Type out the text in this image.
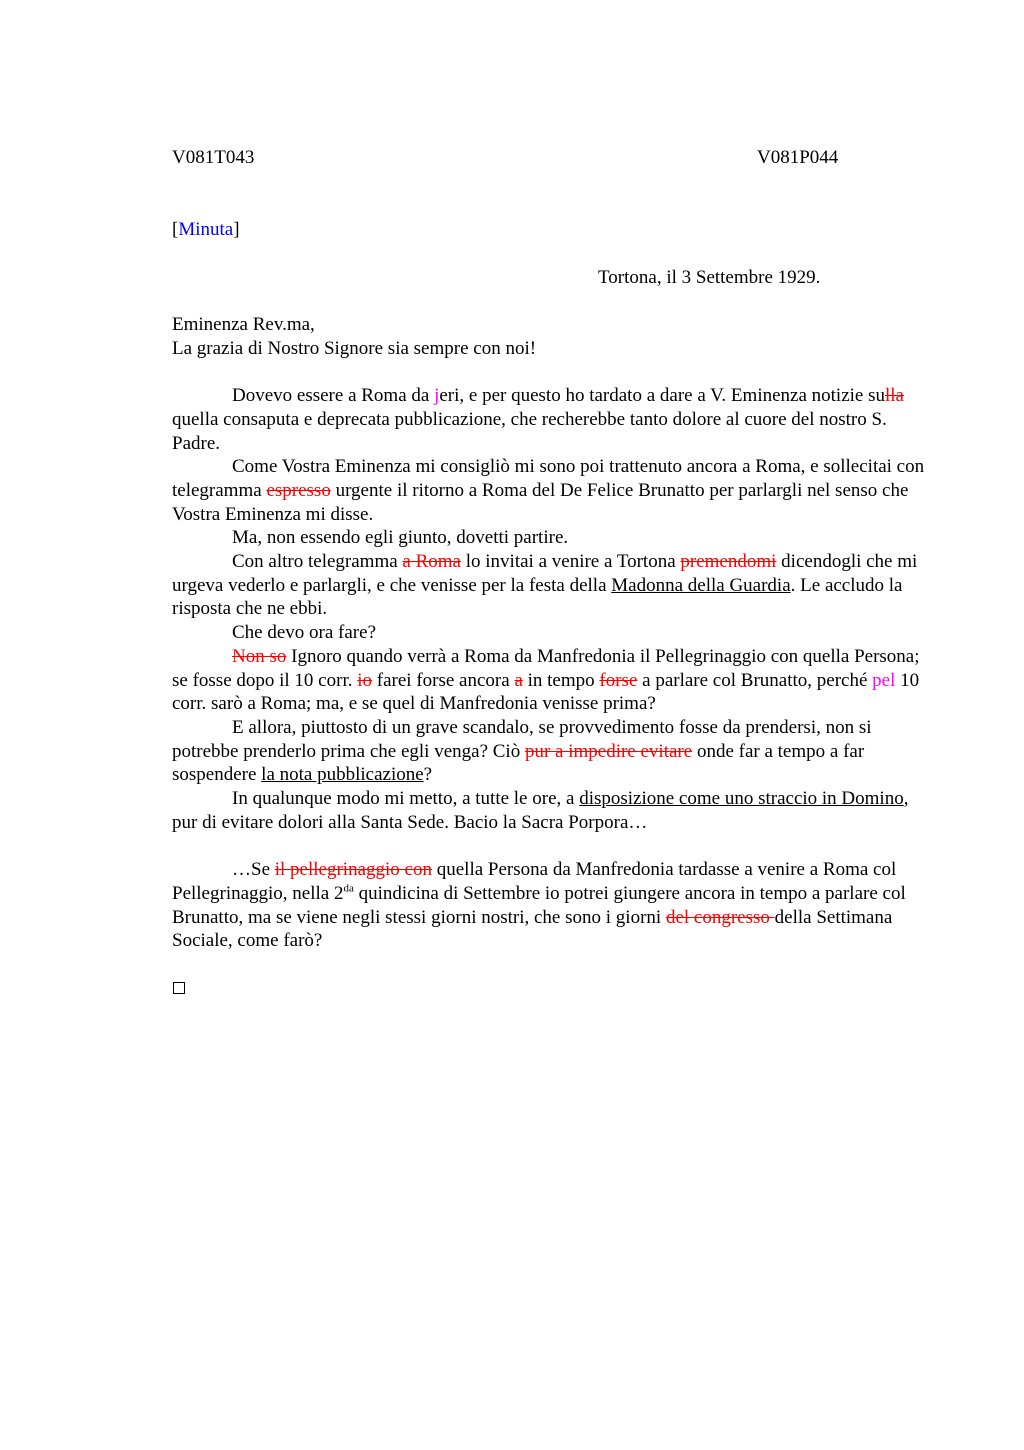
V081T043	V081P044
[Minuta]
Tortona, il 3 Settembre 1929.

Eminenza Rev.ma,

La grazia di Nostro Signore sia sempre con noi!

Dovevo essere a Roma da jeri, e per questo ho tardato a dare a V. Eminenza notizie sulla quella consaputa e deprecata pubblicazione, che recherebbe tanto dolore al cuore del nostro S. Padre.

Come Vostra Eminenza mi consigliò mi sono poi trattenuto ancora a Roma, e sollecitai con telegramma espresso urgente il ritorno a Roma del De Felice Brunatto per parlargli nel senso che Vostra Eminenza mi disse.

Ma, non essendo egli giunto, dovetti partire.

Con altro telegramma a Roma lo invitai a venire a Tortona premendomi dicendogli che mi urgeva vederlo e parlargli, e che venisse per la festa della Madonna della Guardia. Le accludo la risposta che ne ebbi.

Che devo ora fare?

Non so Ignoro quando verrà a Roma da Manfredonia il Pellegrinaggio con quella Persona; se fosse dopo il 10 corr. io farei forse ancora a in tempo forse a parlare col Brunatto, perché pel 10 corr. sarò a Roma; ma, e se quel di Manfredonia venisse prima?

E allora, piuttosto di un grave scandalo, se provvedimento fosse da prendersi, non si potrebbe prenderlo prima che egli venga? Ciò pur a impedire evitare onde far a tempo a far sospendere la nota pubblicazione?

In qualunque modo mi metto, a tutte le ore, a disposizione come uno straccio in Domino, pur di evitare dolori alla Santa Sede. Bacio la Sacra Porpora…

…Se il pellegrinaggio con quella Persona da Manfredonia tardasse a venire a Roma col Pellegrinaggio, nella $2^{da}$ quindicina di Settembre io potrei giungere ancora in tempo a parlare col Brunatto, ma se viene negli stessi giorni nostri, che sono i giorni del congresso della Settimana Sociale, come farò?
